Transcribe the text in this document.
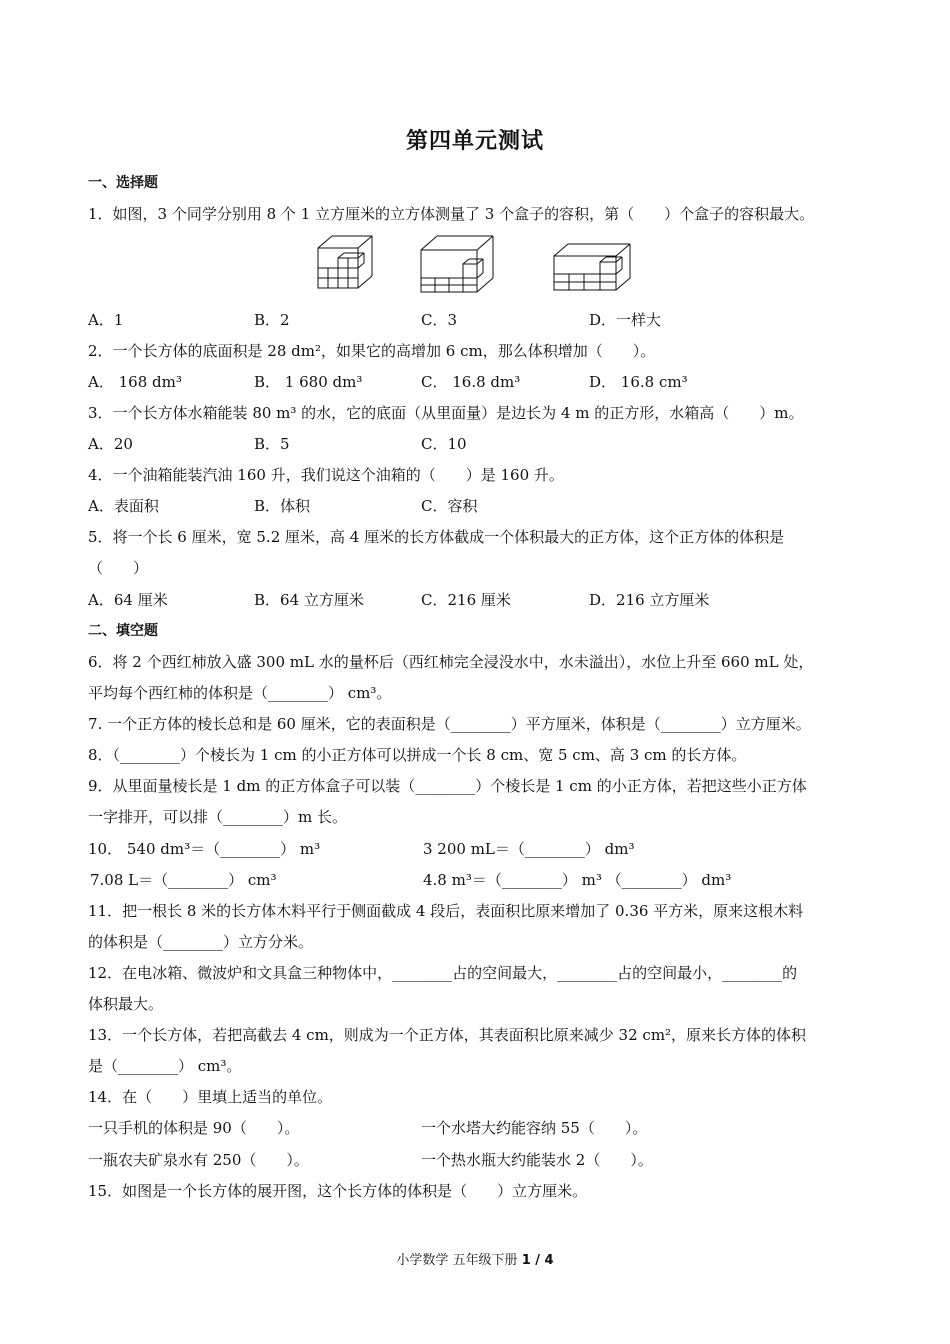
第四单元测试
一、选择题
1．如图，3 个同学分别用 8 个 1 立方厘米的立方体测量了 3 个盒子的容积，第（　　）个盒子的容积最大。
A．1	B．2	C．3	D．一样大
2．一个长方体的底面积是 28 dm²，如果它的高增加 6 cm，那么体积增加（　　）。
A． 168 dm³	B． 1 680 dm³	C． 16.8 dm³	D． 16.8 cm³
3．一个长方体水箱能装 80 m³ 的水，它的底面（从里面量）是边长为 4 m 的正方形，水箱高（　　）m。
A．20	B．5	C．10
4．一个油箱能装汽油 160 升，我们说这个油箱的（　　）是 160 升。
A．表面积	B．体积	C．容积
5．将一个长 6 厘米，宽 5.2 厘米，高 4 厘米的长方体截成一个体积最大的正方体，这个正方体的体积是
（　　）
A．64 厘米	B．64 立方厘米	C．216 厘米	D．216 立方厘米
二、填空题
6．将 2 个西红柿放入盛 300 mL 水的量杯后（西红柿完全浸没水中，水未溢出），水位上升至 660 mL 处，
平均每个西红柿的体积是（________） cm³。
7. 一个正方体的棱长总和是 60 厘米，它的表面积是（________）平方厘米，体积是（________）立方厘米。
8．（________）个棱长为 1 cm 的小正方体可以拼成一个长 8 cm、宽 5 cm、高 3 cm 的长方体。
9．从里面量棱长是 1 dm 的正方体盒子可以装（________）个棱长是 1 cm 的小正方体，若把这些小正方体
一字排开，可以排（________）m 长。
10． 540 dm³＝（________） m³	3 200 mL＝（________） dm³
7.08 L＝（________） cm³	4.8 m³＝（________） m³ （________） dm³
11．把一根长 8 米的长方体木料平行于侧面截成 4 段后，表面积比原来增加了 0.36 平方米，原来这根木料
的体积是（________）立方分米。
12．在电冰箱、微波炉和文具盒三种物体中，________占的空间最大，________占的空间最小，________的
体积最大。
13．一个长方体，若把高截去 4 cm，则成为一个正方体，其表面积比原来减少 32 cm²，原来长方体的体积
是（________） cm³。
14．在（　　）里填上适当的单位。
一只手机的体积是 90（　　）。	一个水塔大约能容纳 55（　　）。
一瓶农夫矿泉水有 250（　　）。	一个热水瓶大约能装水 2（　　）。
15．如图是一个长方体的展开图，这个长方体的体积是（　　）立方厘米。
小学数学 五年级下册 1 / 4
